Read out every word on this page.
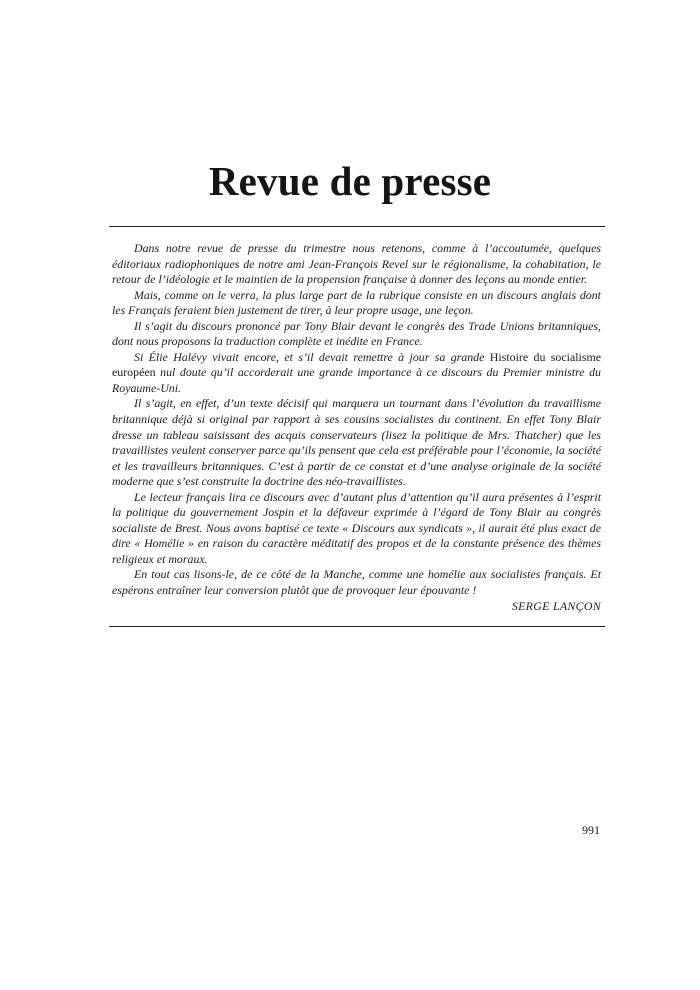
Revue de presse

Dans notre revue de presse du trimestre nous retenons, comme à l’accoutumée, quelques éditoriaux radiophoniques de notre ami Jean-François Revel sur le régionalisme, la cohabitation, le retour de l’idéologie et le maintien de la propension française à donner des leçons au monde entier.

Mais, comme on le verra, la plus large part de la rubrique consiste en un discours anglais dont les Français feraient bien justement de tirer, à leur propre usage, une leçon.

Il s’agit du discours prononcé par Tony Blair devant le congrès des Trade Unions britanniques, dont nous proposons la traduction complète et inédite en France.

Si Élie Halévy vivait encore, et s’il devait remettre à jour sa grande Histoire du socialisme européen nul doute qu’il accorderait une grande importance à ce discours du Premier ministre du Royaume-Uni.

Il s’agit, en effet, d’un texte décisif qui marquera un tournant dans l’évolution du travaillisme britannique déjà si original par rapport à ses cousins socialistes du continent. En effet Tony Blair dresse un tableau saisissant des acquis conservateurs (lisez la politique de Mrs. Thatcher) que les travaillistes veulent conserver parce qu’ils pensent que cela est préférable pour l’économie, la société et les travailleurs britanniques. C’est à partir de ce constat et d’une analyse originale de la société moderne que s’est construite la doctrine des néo-travaillistes.

Le lecteur français lira ce discours avec d’autant plus d’attention qu’il aura présentes à l’esprit la politique du gouvernement Jospin et la défaveur exprimée à l’égard de Tony Blair au congrès socialiste de Brest. Nous avons baptisé ce texte « Discours aux syndicats », il aurait été plus exact de dire « Homélie » en raison du caractère méditatif des propos et de la constante présence des thèmes religieux et moraux.

En tout cas lisons-le, de ce côté de la Manche, comme une homélie aux socialistes français. Et espérons entraîner leur conversion plutôt que de provoquer leur épouvante !

SERGE LANÇON
991
